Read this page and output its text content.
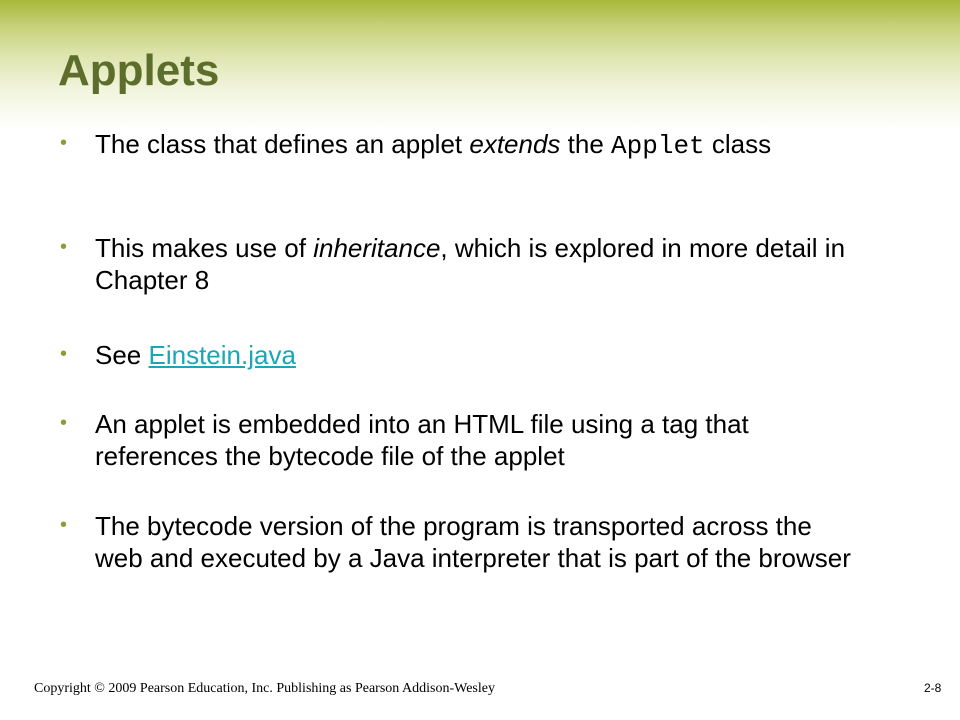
Applets
•	The class that defines an applet extends the Applet class
•	This makes use of inheritance, which is explored in more detail in Chapter 8
•	See Einstein.java
•	An applet is embedded into an HTML file using a tag that references the bytecode file of the applet
•	The bytecode version of the program is transported across the web and executed by a Java interpreter that is part of the browser
Copyright © 2009 Pearson Education, Inc. Publishing as Pearson Addison-Wesley	2-8
